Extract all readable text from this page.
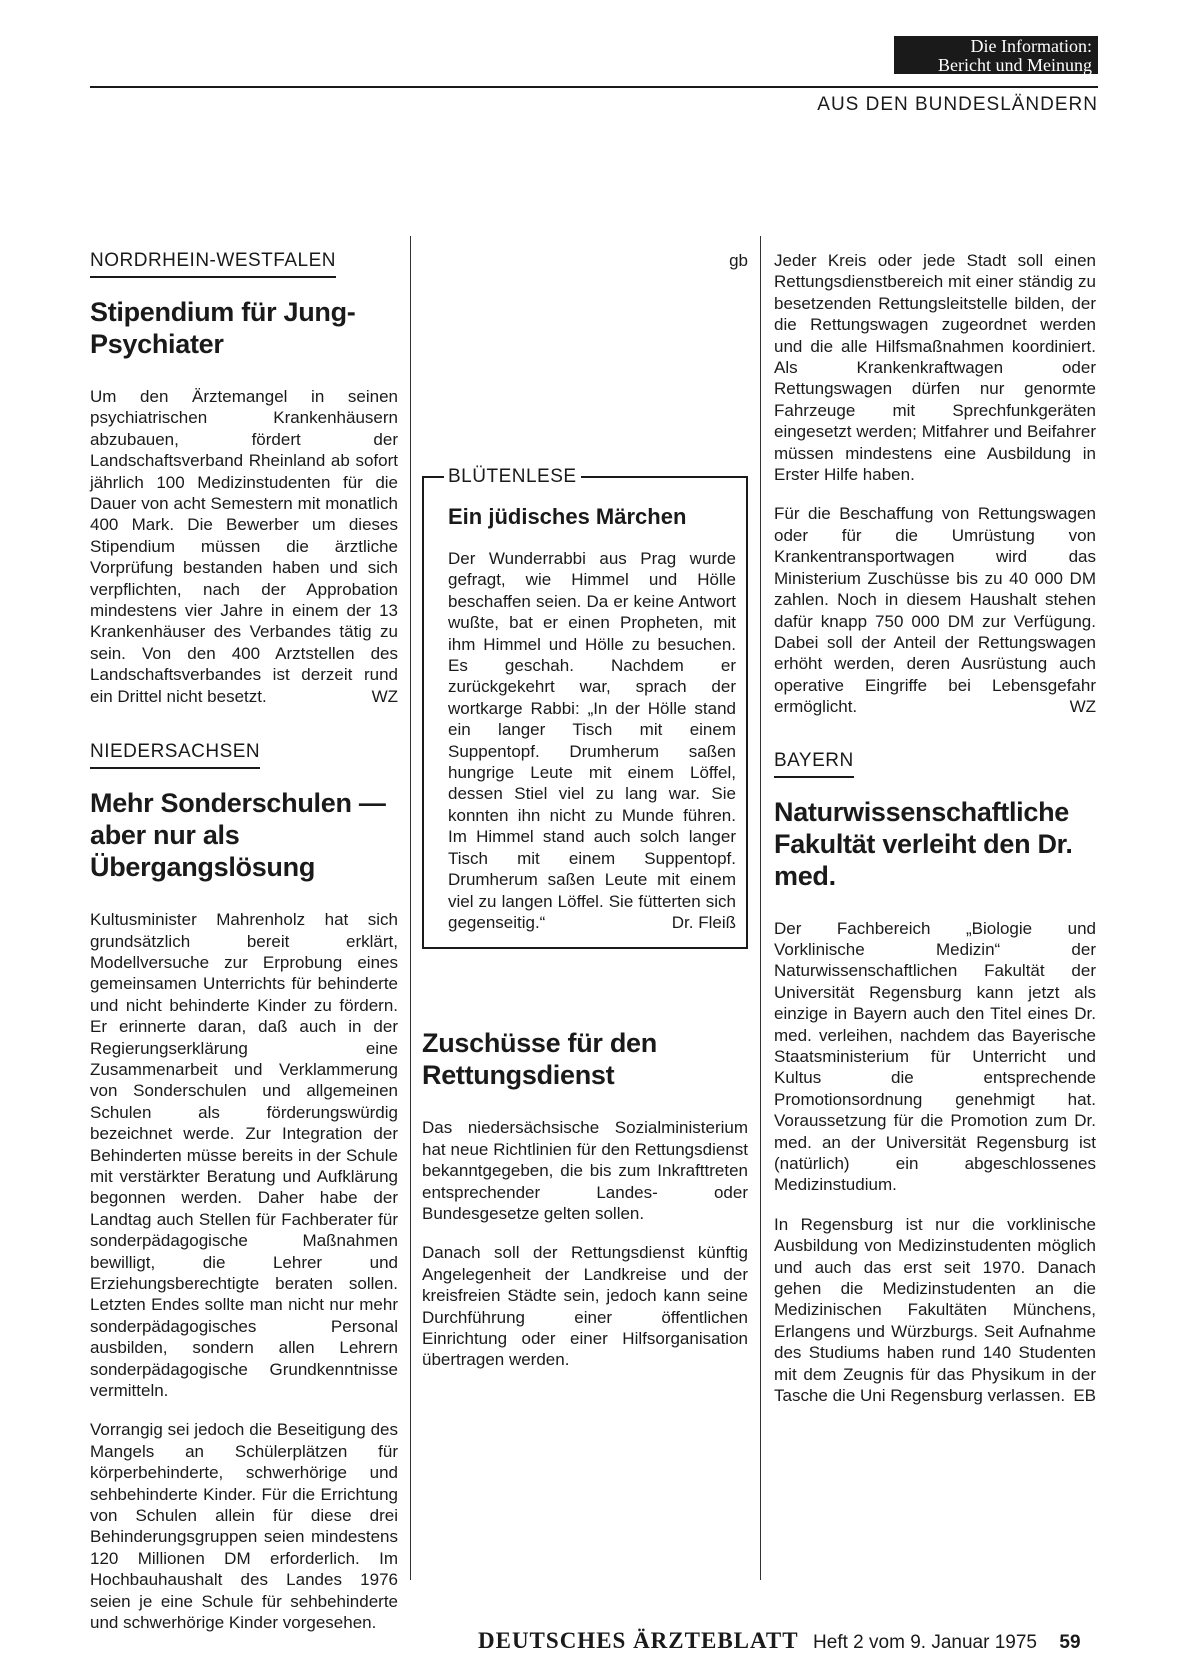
Die Information:
Bericht und Meinung
AUS DEN BUNDESLÄNDERN
NORDRHEIN-WESTFALEN
Stipendium für Jung-Psychiater

Um den Ärztemangel in seinen psychiatrischen Krankenhäusern abzubauen, fördert der Landschaftsverband Rheinland ab sofort jährlich 100 Medizinstudenten für die Dauer von acht Semestern mit monatlich 400 Mark. Die Bewerber um dieses Stipendium müssen die ärztliche Vorprüfung bestanden haben und sich verpflichten, nach der Approbation mindestens vier Jahre in einem der 13 Krankenhäuser des Verbandes tätig zu sein. Von den 400 Arztstellen des Landschaftsverbandes ist derzeit rund ein Drittel nicht besetzt.	WZ

NIEDERSACHSEN
Mehr Sonderschulen — aber nur als Übergangslösung

Kultusminister Mahrenholz hat sich grundsätzlich bereit erklärt, Modellversuche zur Erprobung eines gemeinsamen Unterrichts für behinderte und nicht behinderte Kinder zu fördern. Er erinnerte daran, daß auch in der Regierungserklärung eine Zusammenarbeit und Verklammerung von Sonderschulen und allgemeinen Schulen als förderungswürdig bezeichnet werde. Zur Integration der Behinderten müsse bereits in der Schule mit verstärkter Beratung und Aufklärung begonnen werden. Daher habe der Landtag auch Stellen für Fachberater für sonderpädagogische Maßnahmen bewilligt, die Lehrer und Erziehungsberechtigte beraten sollen. Letzten Endes sollte man nicht nur mehr sonderpädagogisches Personal ausbilden, sondern allen Lehrern sonderpädagogische Grundkenntnisse vermitteln.

Vorrangig sei jedoch die Beseitigung des Mangels an Schülerplätzen für körperbehinderte, schwerhörige und sehbehinderte Kinder. Für die Errichtung von Schulen allein für diese drei Behinderungsgruppen seien mindestens 120 Millionen DM erforderlich. Im Hochbauhaushalt des Landes 1976 seien je eine Schule für sehbehinderte und schwerhörige Kinder vorgesehen.

gb

BLÜTENLESE
Ein jüdisches Märchen

Der Wunderrabbi aus Prag wurde gefragt, wie Himmel und Hölle beschaffen seien. Da er keine Antwort wußte, bat er einen Propheten, mit ihm Himmel und Hölle zu besuchen. Es geschah. Nachdem er zurückgekehrt war, sprach der wortkarge Rabbi: „In der Hölle stand ein langer Tisch mit einem Suppentopf. Drumherum saßen hungrige Leute mit einem Löffel, dessen Stiel viel zu lang war. Sie konnten ihn nicht zu Munde führen. Im Himmel stand auch solch langer Tisch mit einem Suppentopf. Drumherum saßen Leute mit einem viel zu langen Löffel. Sie fütterten sich gegenseitig.“	Dr. Fleiß

Zuschüsse für den Rettungsdienst

Das niedersächsische Sozialministerium hat neue Richtlinien für den Rettungsdienst bekanntgegeben, die bis zum Inkrafttreten entsprechender Landes- oder Bundesgesetze gelten sollen.

Danach soll der Rettungsdienst künftig Angelegenheit der Landkreise und der kreisfreien Städte sein, jedoch kann seine Durchführung einer öffentlichen Einrichtung oder einer Hilfsorganisation übertragen werden.

Jeder Kreis oder jede Stadt soll einen Rettungsdienstbereich mit einer ständig zu besetzenden Rettungsleitstelle bilden, der die Rettungswagen zugeordnet werden und die alle Hilfsmaßnahmen koordiniert. Als Krankenkraftwagen oder Rettungswagen dürfen nur genormte Fahrzeuge mit Sprechfunkgeräten eingesetzt werden; Mitfahrer und Beifahrer müssen mindestens eine Ausbildung in Erster Hilfe haben.

Für die Beschaffung von Rettungswagen oder für die Umrüstung von Krankentransportwagen wird das Ministerium Zuschüsse bis zu 40 000 DM zahlen. Noch in diesem Haushalt stehen dafür knapp 750 000 DM zur Verfügung. Dabei soll der Anteil der Rettungswagen erhöht werden, deren Ausrüstung auch operative Eingriffe bei Lebensgefahr ermöglicht.	WZ

BAYERN
Naturwissenschaftliche Fakultät verleiht den Dr. med.

Der Fachbereich „Biologie und Vorklinische Medizin“ der Naturwissenschaftlichen Fakultät der Universität Regensburg kann jetzt als einzige in Bayern auch den Titel eines Dr. med. verleihen, nachdem das Bayerische Staatsministerium für Unterricht und Kultus die entsprechende Promotionsordnung genehmigt hat. Voraussetzung für die Promotion zum Dr. med. an der Universität Regensburg ist (natürlich) ein abgeschlossenes Medizinstudium.

In Regensburg ist nur die vorklinische Ausbildung von Medizinstudenten möglich und auch das erst seit 1970. Danach gehen die Medizinstudenten an die Medizinischen Fakultäten Münchens, Erlangens und Würzburgs. Seit Aufnahme des Studiums haben rund 140 Studenten mit dem Zeugnis für das Physikum in der Tasche die Uni Regensburg verlassen. EB

DEUTSCHES ÄRZTEBLATT Heft 2 vom 9. Januar 1975 59
